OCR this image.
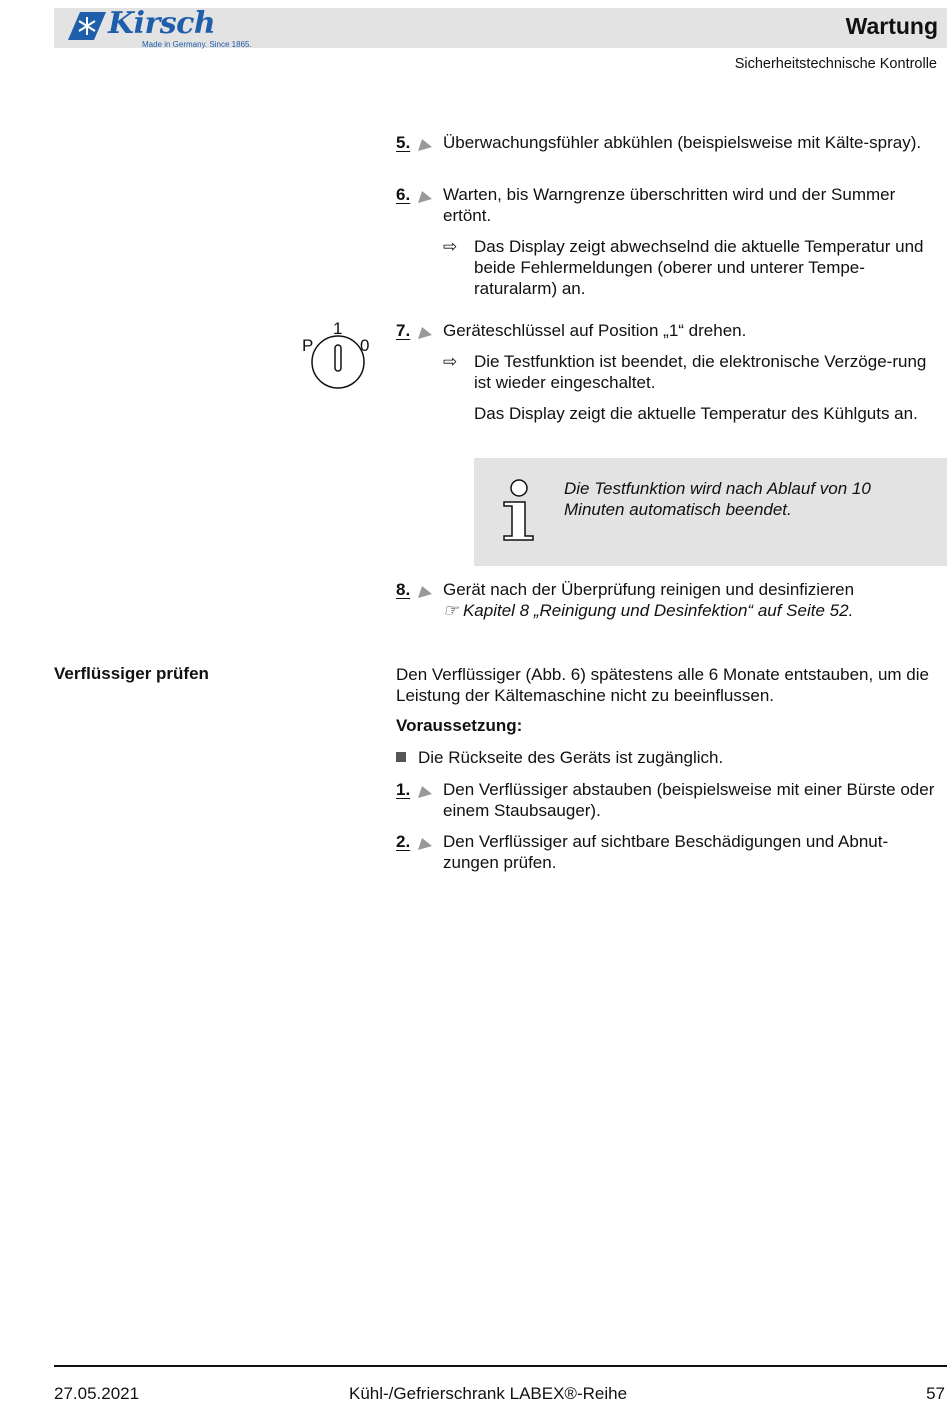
Kirsch
Made in Germany. Since 1865.
Wartung
Sicherheitstechnische Kontrolle
5. Überwachungsfühler abkühlen (beispielsweise mit Kälte-spray).
6. Warten, bis Warngrenze überschritten wird und der Summer ertönt.
⇨ Das Display zeigt abwechselnd die aktuelle Temperatur und beide Fehlermeldungen (oberer und unterer Tempe-raturalarm) an.
P
1
0
7. Geräteschlüssel auf Position „1“ drehen.
⇨ Die Testfunktion ist beendet, die elektronische Verzöge-rung ist wieder eingeschaltet.
Das Display zeigt die aktuelle Temperatur des Kühlguts an.
Die Testfunktion wird nach Ablauf von 10 Minuten automatisch beendet.
8. Gerät nach der Überprüfung reinigen und desinfizieren
☞ Kapitel 8 „Reinigung und Desinfektion“ auf Seite 52.
Verflüssiger prüfen	Den Verflüssiger (Abb. 6) spätestens alle 6 Monate entstauben, um die Leistung der Kältemaschine nicht zu beeinflussen.
Voraussetzung:
Die Rückseite des Geräts ist zugänglich.
1. Den Verflüssiger abstauben (beispielsweise mit einer Bürste oder einem Staubsauger).
2. Den Verflüssiger auf sichtbare Beschädigungen und Abnut-zungen prüfen.
27.05.2021	Kühl-/Gefrierschrank LABEX®-Reihe	57
